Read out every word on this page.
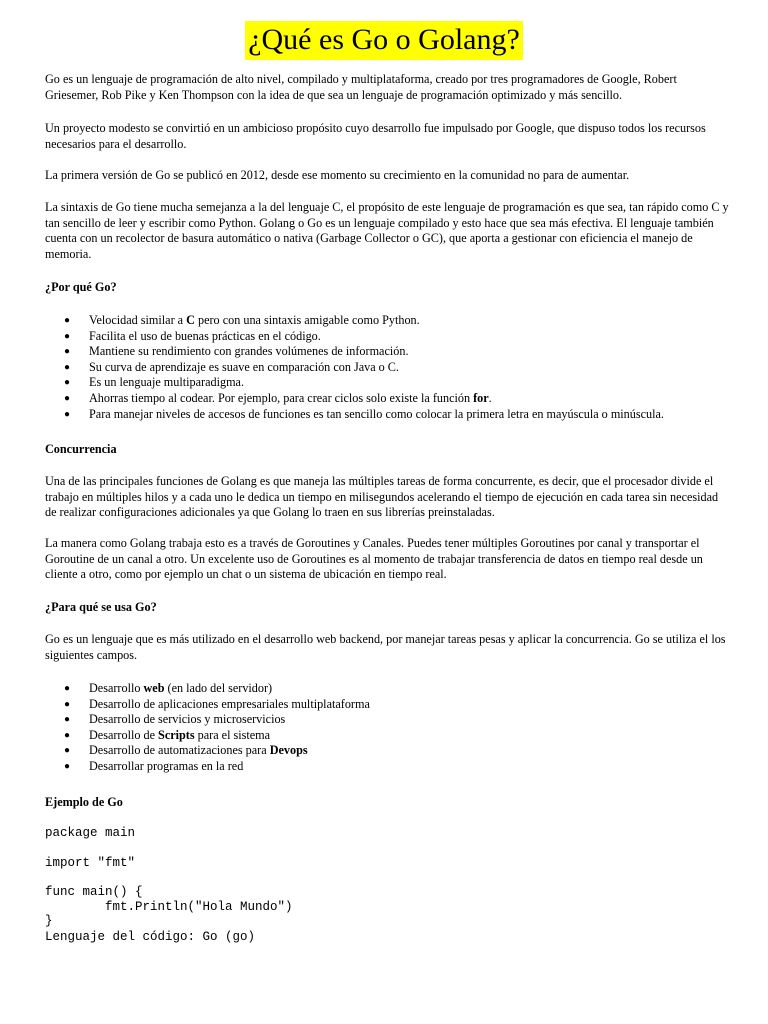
¿Qué es Go o Golang?

Go es un lenguaje de programación de alto nivel, compilado y multiplataforma, creado por tres programadores de Google, Robert Griesemer, Rob Pike y Ken Thompson con la idea de que sea un lenguaje de programación optimizado y más sencillo.

Un proyecto modesto se convirtió en un ambicioso propósito cuyo desarrollo fue impulsado por Google, que dispuso todos los recursos necesarios para el desarrollo.

La primera versión de Go se publicó en 2012, desde ese momento su crecimiento en la comunidad no para de aumentar.

La sintaxis de Go tiene mucha semejanza a la del lenguaje C, el propósito de este lenguaje de programación es que sea, tan rápido como C y tan sencillo de leer y escribir como Python. Golang o Go es un lenguaje compilado y esto hace que sea más efectiva. El lenguaje también cuenta con un recolector de basura automático o nativa (Garbage Collector o GC), que aporta a gestionar con eficiencia el manejo de memoria.

¿Por qué Go?

● Velocidad similar a C pero con una sintaxis amigable como Python.
● Facilita el uso de buenas prácticas en el código.
● Mantiene su rendimiento con grandes volúmenes de información.
● Su curva de aprendizaje es suave en comparación con Java o C.
● Es un lenguaje multiparadigma.
● Ahorras tiempo al codear. Por ejemplo, para crear ciclos solo existe la función for.
● Para manejar niveles de accesos de funciones es tan sencillo como colocar la primera letra en mayúscula o minúscula.

Concurrencia

Una de las principales funciones de Golang es que maneja las múltiples tareas de forma concurrente, es decir, que el procesador divide el trabajo en múltiples hilos y a cada uno le dedica un tiempo en milisegundos acelerando el tiempo de ejecución en cada tarea sin necesidad de realizar configuraciones adicionales ya que Golang lo traen en sus librerías preinstaladas.

La manera como Golang trabaja esto es a través de Goroutines y Canales. Puedes tener múltiples Goroutines por canal y transportar el Goroutine de un canal a otro. Un excelente uso de Goroutines es al momento de trabajar transferencia de datos en tiempo real desde un cliente a otro, como por ejemplo un chat o un sistema de ubicación en tiempo real.

¿Para qué se usa Go?

Go es un lenguaje que es más utilizado en el desarrollo web backend, por manejar tareas pesas y aplicar la concurrencia. Go se utiliza el los siguientes campos.

● Desarrollo web (en lado del servidor)
● Desarrollo de aplicaciones empresariales multiplataforma
● Desarrollo de servicios y microservicios
● Desarrollo de Scripts para el sistema
● Desarrollo de automatizaciones para Devops
● Desarrollar programas en la red

Ejemplo de Go

package main

import "fmt"

func main() {

fmt.Println("Hola Mundo")

}

Lenguaje del código: Go (go)
